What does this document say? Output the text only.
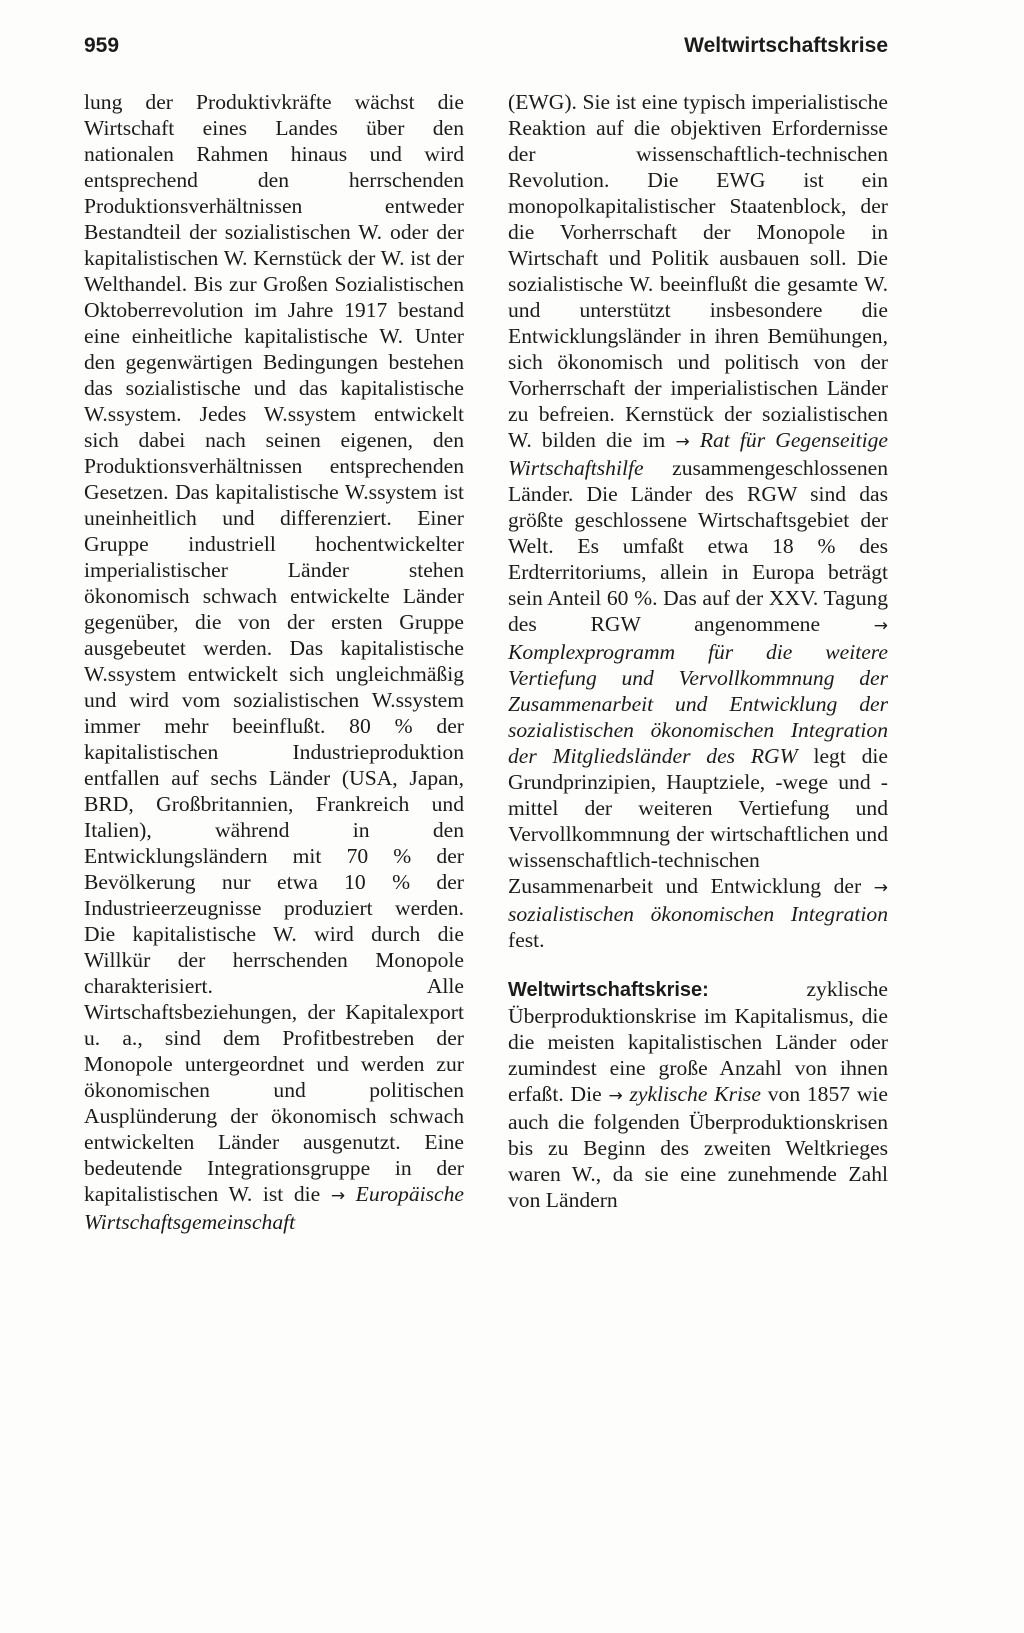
959	Weltwirtschaftskrise

lung der Produktivkräfte wächst die Wirtschaft eines Landes über den nationalen Rahmen hinaus und wird entsprechend den herrschenden Produktionsverhältnissen entweder Bestandteil der sozialistischen W. oder der kapitalistischen W. Kernstück der W. ist der Welthandel. Bis zur Großen Sozialistischen Oktoberrevolution im Jahre 1917 bestand eine einheitliche kapitalistische W. Unter den gegenwärtigen Bedingungen bestehen das sozialistische und das kapitalistische W.ssystem. Jedes W.ssystem entwickelt sich dabei nach seinen eigenen, den Produktionsverhältnissen entsprechenden Gesetzen. Das kapitalistische W.ssystem ist uneinheitlich und differenziert. Einer Gruppe industriell hochentwickelter imperialistischer Länder stehen ökonomisch schwach entwickelte Länder gegenüber, die von der ersten Gruppe ausgebeutet werden. Das kapitalistische W.ssystem entwickelt sich ungleichmäßig und wird vom sozialistischen W.ssystem immer mehr beeinflußt. 80 % der kapitalistischen Industrieproduktion entfallen auf sechs Länder (USA, Japan, BRD, Großbritannien, Frankreich und Italien), während in den Entwicklungsländern mit 70 % der Bevölkerung nur etwa 10 % der Industrieerzeugnisse produziert werden. Die kapitalistische W. wird durch die Willkür der herrschenden Monopole charakterisiert. Alle Wirtschaftsbeziehungen, der Kapitalexport u. a., sind dem Profitbestreben der Monopole untergeordnet und werden zur ökonomischen und politischen Ausplünderung der ökonomisch schwach entwickelten Länder ausgenutzt. Eine bedeutende Integrationsgruppe in der kapitalistischen W. ist die → Europäische Wirtschaftsgemeinschaft

(EWG). Sie ist eine typisch imperialistische Reaktion auf die objektiven Erfordernisse der wissenschaftlich-technischen Revolution. Die EWG ist ein monopolkapitalistischer Staatenblock, der die Vorherrschaft der Monopole in Wirtschaft und Politik ausbauen soll. Die sozialistische W. beeinflußt die gesamte W. und unterstützt insbesondere die Entwicklungsländer in ihren Bemühungen, sich ökonomisch und politisch von der Vorherrschaft der imperialistischen Länder zu befreien. Kernstück der sozialistischen W. bilden die im → Rat für Gegenseitige Wirtschaftshilfe zusammengeschlossenen Länder. Die Länder des RGW sind das größte geschlossene Wirtschaftsgebiet der Welt. Es umfaßt etwa 18 % des Erdterritoriums, allein in Europa beträgt sein Anteil 60 %. Das auf der XXV. Tagung des RGW angenommene	→ Komplexprogramm für die weitere Vertiefung und Vervollkommnung der Zusammenarbeit und Entwicklung der sozialistischen ökonomischen Integration der Mitgliedsländer des RGW legt die Grundprinzipien, Hauptziele, -wege und -mittel der weiteren Vertiefung und Vervollkommnung der wirtschaftlichen und wissenschaftlich-technischen Zusammenarbeit und Entwicklung der → sozialistischen ökonomischen Integration fest.

Weltwirtschaftskrise:	zyklische Überproduktionskrise im Kapitalismus, die die meisten kapitalistischen Länder oder zumindest eine große Anzahl von ihnen erfaßt. Die → zyklische Krise von 1857 wie auch die folgenden Überproduktionskrisen bis zu Beginn des zweiten Weltkrieges waren W., da sie eine zunehmende Zahl von Ländern
